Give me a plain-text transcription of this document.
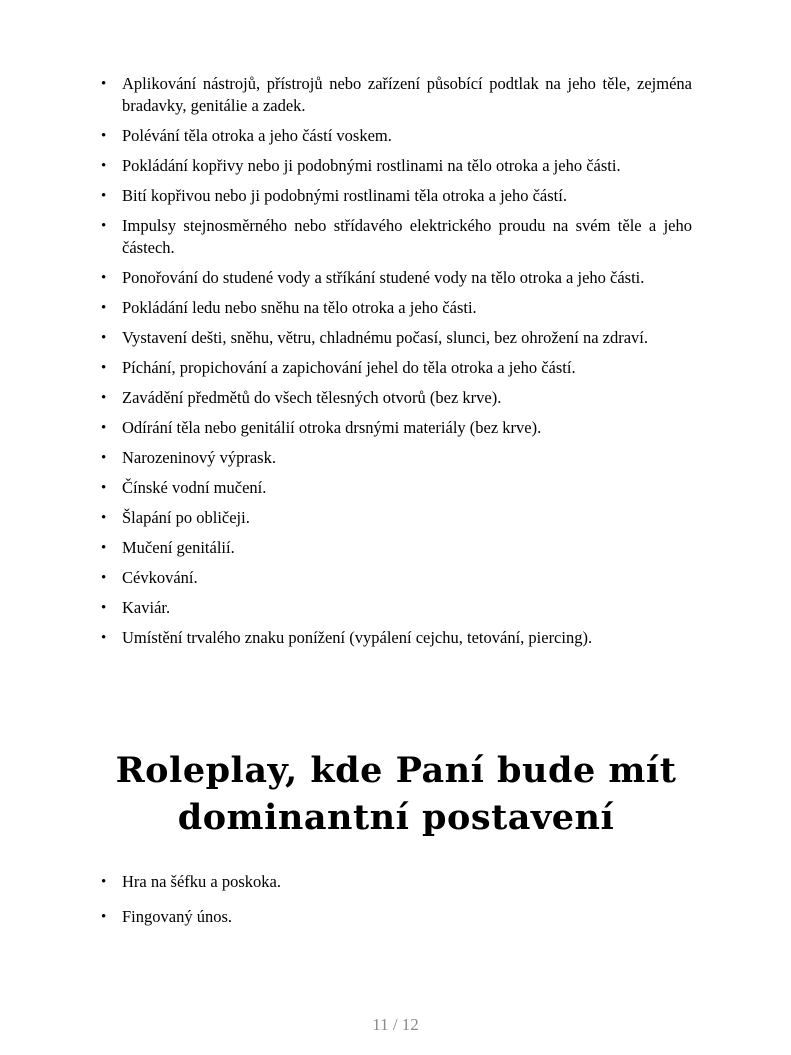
• Aplikování nástrojů, přístrojů nebo zařízení působící podtlak na jeho těle, zejména bradavky, genitálie a zadek.
• Polévání těla otroka a jeho částí voskem.
• Pokládání kopřivy nebo ji podobnými rostlinami na tělo otroka a jeho části.
• Bití kopřivou nebo ji podobnými rostlinami těla otroka a jeho částí.
• Impulsy stejnosměrného nebo střídavého elektrického proudu na svém těle a jeho částech.
• Ponořování do studené vody a stříkání studené vody na tělo otroka a jeho části.
• Pokládání ledu nebo sněhu na tělo otroka a jeho části.
• Vystavení dešti, sněhu, větru, chladnému počasí, slunci, bez ohrožení na zdraví.
• Píchání, propichování a zapichování jehel do těla otroka a jeho částí.
• Zavádění předmětů do všech tělesných otvorů (bez krve).
• Odírání těla nebo genitálií otroka drsnými materiály (bez krve).
• Narozeninový výprask.
• Čínské vodní mučení.
• Šlapání po obličeji.
• Mučení genitálií.
• Cévkování.
• Kaviár.
• Umístění trvalého znaku ponížení (vypálení cejchu, tetování, piercing).
Roleplay, kde Paní bude mít dominantní postavení
• Hra na šéfku a poskoka.
• Fingovaný únos.
11 / 12
